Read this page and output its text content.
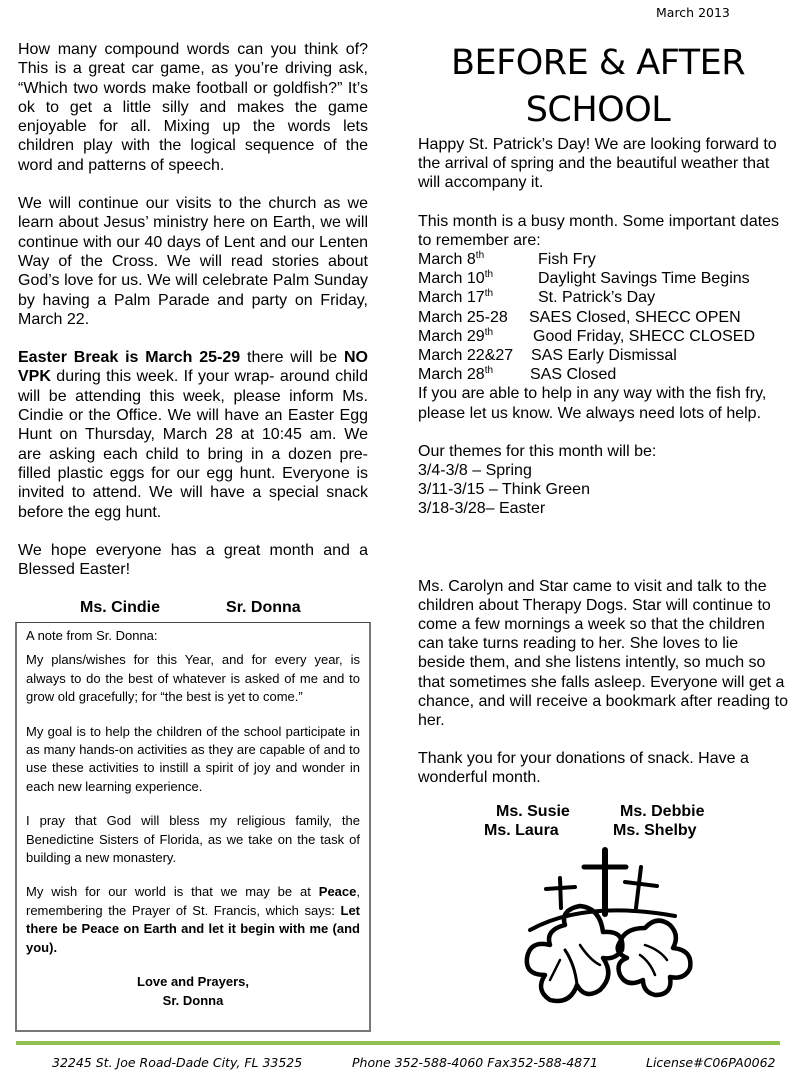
March 2013

How many compound words can you think of? This is a great car game, as you’re driving ask, “Which two words make football or goldfish?” It’s ok to get a little silly and makes the game enjoyable for all. Mixing up the words lets children play with the logical sequence of the word and patterns of speech.

We will continue our visits to the church as we learn about Jesus’ ministry here on Earth, we will continue with our 40 days of Lent and our Lenten Way of the Cross. We will read stories about God’s love for us. We will celebrate Palm Sunday by having a Palm Parade and party on Friday, March 22.

Easter Break is March 25-29 there will be NO VPK during this week. If your wrap- around child will be attending this week, please inform Ms. Cindie or the Office. We will have an Easter Egg Hunt on Thursday, March 28 at 10:45 am. We are asking each child to bring in a dozen pre- filled plastic eggs for our egg hunt. Everyone is invited to attend. We will have a special snack before the egg hunt.

We hope everyone has a great month and a Blessed Easter!

Ms. Cindie	Sr. Donna

A note from Sr. Donna:

My plans/wishes for this Year, and for every year, is always to do the best of whatever is asked of me and to grow old gracefully; for “the best is yet to come.”

My goal is to help the children of the school participate in as many hands-on activities as they are capable of and to use these activities to instill a spirit of joy and wonder in each new learning experience.

I pray that God will bless my religious family, the Benedictine Sisters of Florida, as we take on the task of building a new monastery.

My wish for our world is that we may be at Peace, remembering the Prayer of St. Francis, which says: Let there be Peace on Earth and let it begin with me (and you).

Love and Prayers,

Sr. Donna

BEFORE & AFTER
SCHOOL

Happy St. Patrick’s Day! We are looking forward to the arrival of spring and the beautiful weather that will accompany it.

This month is a busy month. Some important dates to remember are:
March 8th	Fish Fry
March 10th	Daylight Savings Time Begins
March 17th	St. Patrick’s Day
March 25-28	SAES Closed, SHECC OPEN
March 29th	Good Friday, SHECC CLOSED
March 22&27	SAS Early Dismissal
March 28th	SAS Closed

If you are able to help in any way with the fish fry, please let us know. We always need lots of help.

Our themes for this month will be:
3/4-3/8 – Spring
3/11-3/15 – Think Green
3/18-3/28– Easter

Ms. Carolyn and Star came to visit and talk to the children about Therapy Dogs. Star will continue to come a few mornings a week so that the children can take turns reading to her. She loves to lie beside them, and she listens intently, so much so that sometimes she falls asleep. Everyone will get a chance, and will receive a bookmark after reading to her.

Thank you for your donations of snack. Have a wonderful month.

Ms. Susie	Ms. Debbie
Ms. Laura	Ms. Shelby
32245 St. Joe Road-Dade City, FL 33525	Phone 352-588-4060 Fax352-588-4871	License#C06PA0062
